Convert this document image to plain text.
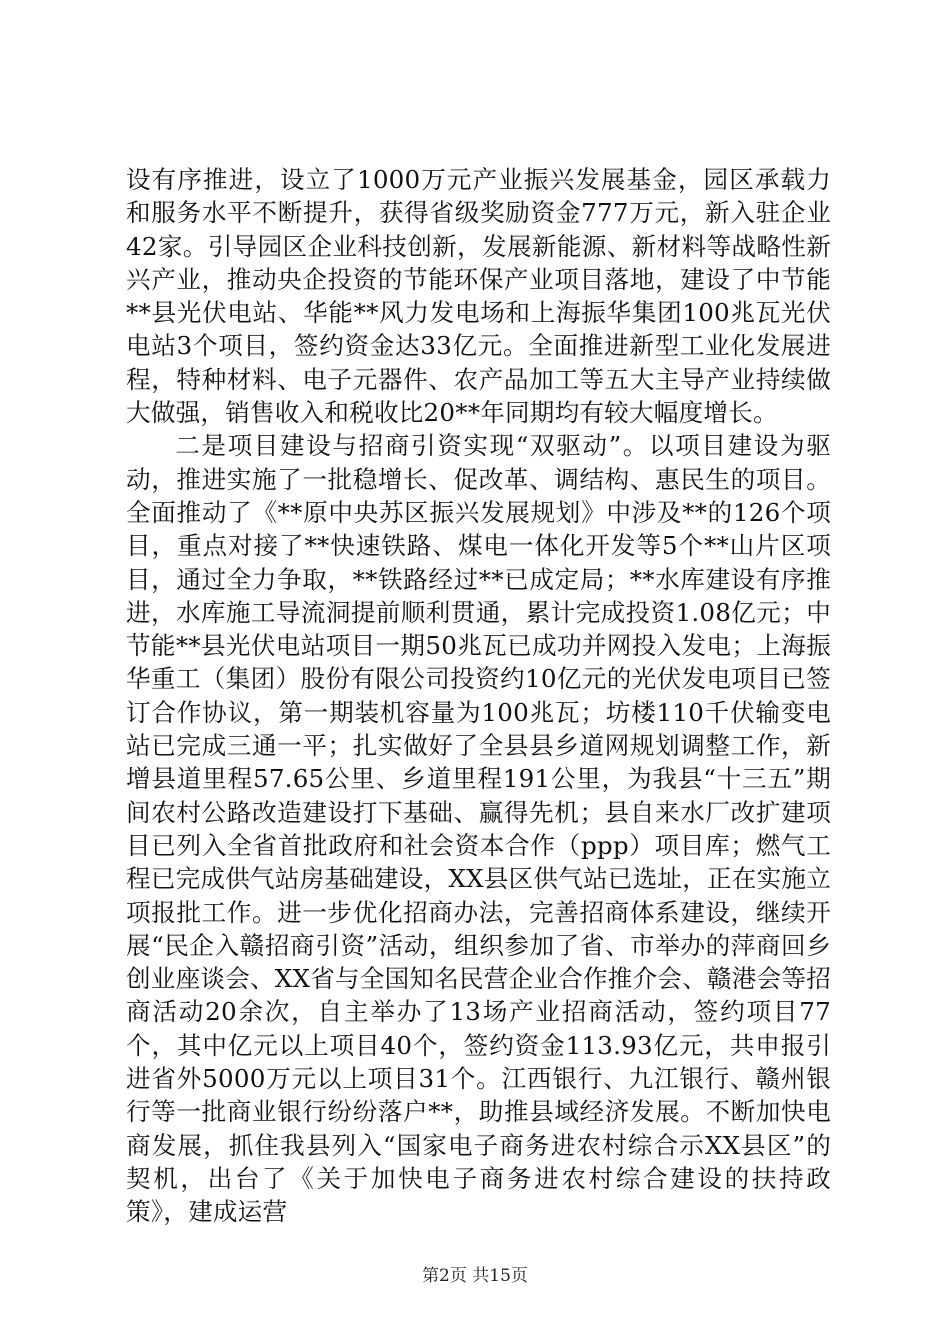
设有序推进，设立了1000万元产业振兴发展基金，园区承载力和服务水平不断提升，获得省级奖励资金777万元，新入驻企业42家。引导园区企业科技创新，发展新能源、新材料等战略性新兴产业，推动央企投资的节能环保产业项目落地，建设了中节能**县光伏电站、华能**风力发电场和上海振华集团100兆瓦光伏电站3个项目，签约资金达33亿元。全面推进新型工业化发展进程，特种材料、电子元器件、农产品加工等五大主导产业持续做大做强，销售收入和税收比20**年同期均有较大幅度增长。

二是项目建设与招商引资实现“双驱动”。以项目建设为驱动，推进实施了一批稳增长、促改革、调结构、惠民生的项目。全面推动了《**原中央苏区振兴发展规划》中涉及**的126个项目，重点对接了**快速铁路、煤电一体化开发等5个**山片区项目，通过全力争取，**铁路经过**已成定局；**水库建设有序推进，水库施工导流洞提前顺利贯通，累计完成投资1.08亿元；中节能**县光伏电站项目一期50兆瓦已成功并网投入发电；上海振华重工（集团）股份有限公司投资约10亿元的光伏发电项目已签订合作协议，第一期装机容量为100兆瓦；坊楼110千伏输变电站已完成三通一平；扎实做好了全县县乡道网规划调整工作，新增县道里程57.65公里、乡道里程191公里，为我县“十三五”期间农村公路改造建设打下基础、赢得先机；县自来水厂改扩建项目已列入全省首批政府和社会资本合作（ppp）项目库；燃气工程已完成供气站房基础建设，XX县区供气站已选址，正在实施立项报批工作。进一步优化招商办法，完善招商体系建设，继续开展“民企入赣招商引资”活动，组织参加了省、市举办的萍商回乡创业座谈会、XX省与全国知名民营企业合作推介会、赣港会等招商活动20余次，自主举办了13场产业招商活动，签约项目77个，其中亿元以上项目40个，签约资金113.93亿元，共申报引进省外5000万元以上项目31个。江西银行、九江银行、赣州银行等一批商业银行纷纷落户**，助推县域经济发展。不断加快电商发展，抓住我县列入“国家电子商务进农村综合示XX县区”的契机，出台了《关于加快电子商务进农村综合建设的扶持政策》，建成运营

第2页 共15页
